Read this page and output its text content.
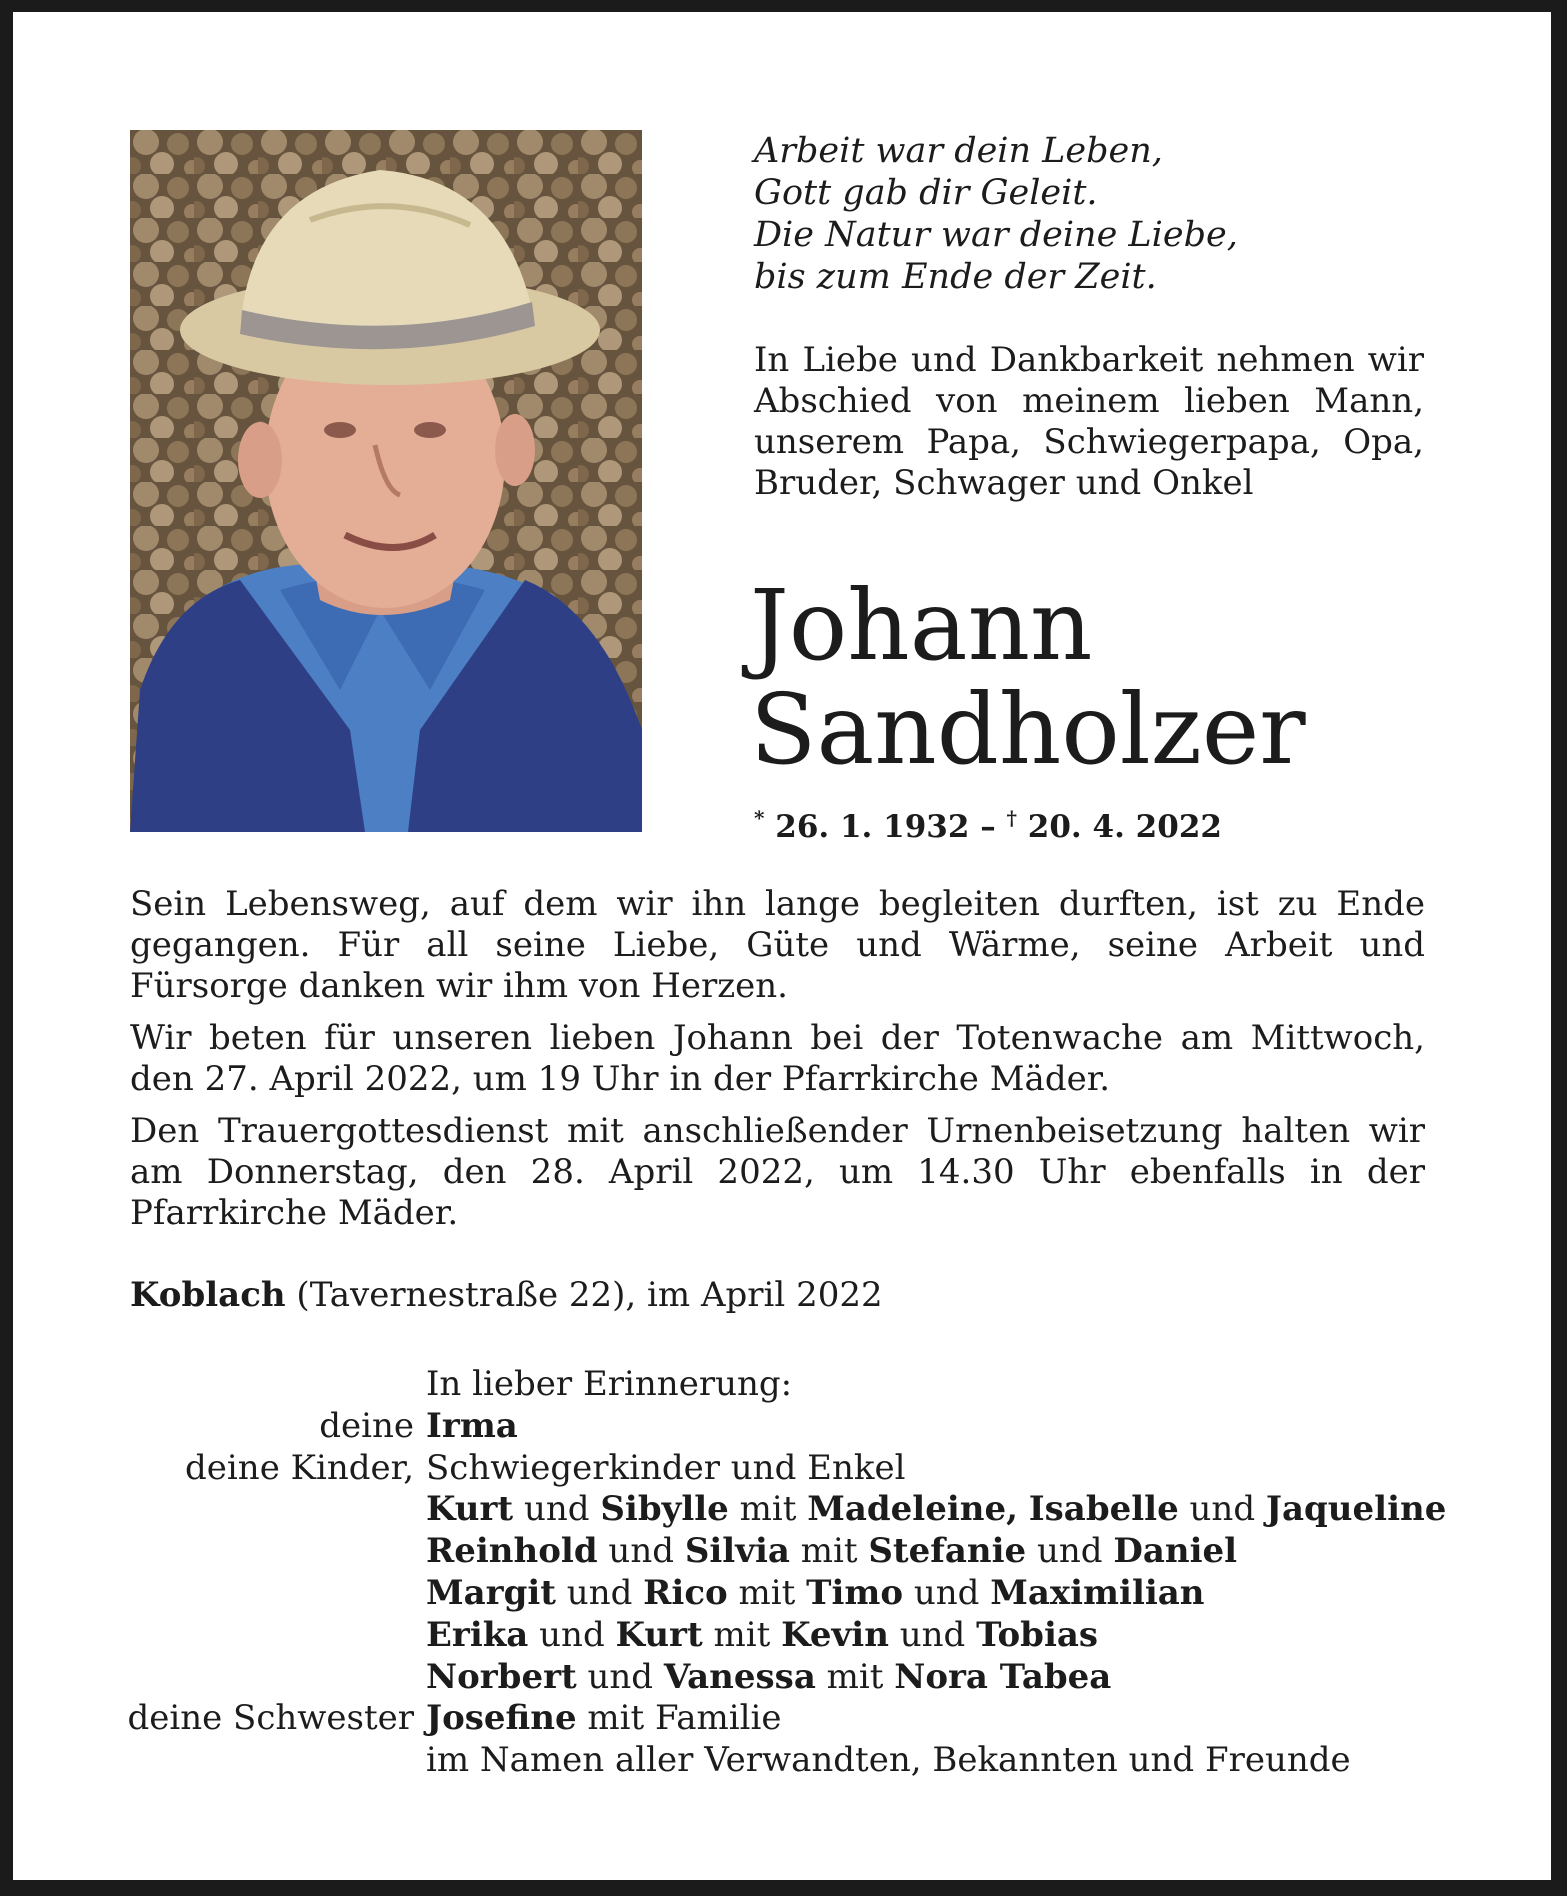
Arbeit war dein Leben,
Gott gab dir Geleit.
Die Natur war deine Liebe,
bis zum Ende der Zeit.

In Liebe und Dankbarkeit nehmen wir Abschied von meinem lieben Mann, unserem Papa, Schwiegerpapa, Opa, Bruder, Schwager und Onkel

Johann
Sandholzer
* 26. 1. 1932 – † 20. 4. 2022

Sein Lebensweg, auf dem wir ihn lange begleiten durften, ist zu Ende gegangen. Für all seine Liebe, Güte und Wärme, seine Arbeit und Fürsorge danken wir ihm von Herzen.

Wir beten für unseren lieben Johann bei der Totenwache am Mittwoch, den 27. April 2022, um 19 Uhr in der Pfarrkirche Mäder.

Den Trauergottesdienst mit anschließender Urnenbeisetzung halten wir am Donnerstag, den 28. April 2022, um 14.30 Uhr ebenfalls in der Pfarrkirche Mäder.

Koblach (Tavernestraße 22), im April 2022
In lieber Erinnerung:
deine Irma
deine Kinder, Schwiegerkinder und Enkel
Kurt und Sibylle mit Madeleine, Isabelle und Jaqueline
Reinhold und Silvia mit Stefanie und Daniel
Margit und Rico mit Timo und Maximilian
Erika und Kurt mit Kevin und Tobias
Norbert und Vanessa mit Nora Tabea
deine Schwester Josefine mit Familie
im Namen aller Verwandten, Bekannten und Freunde
